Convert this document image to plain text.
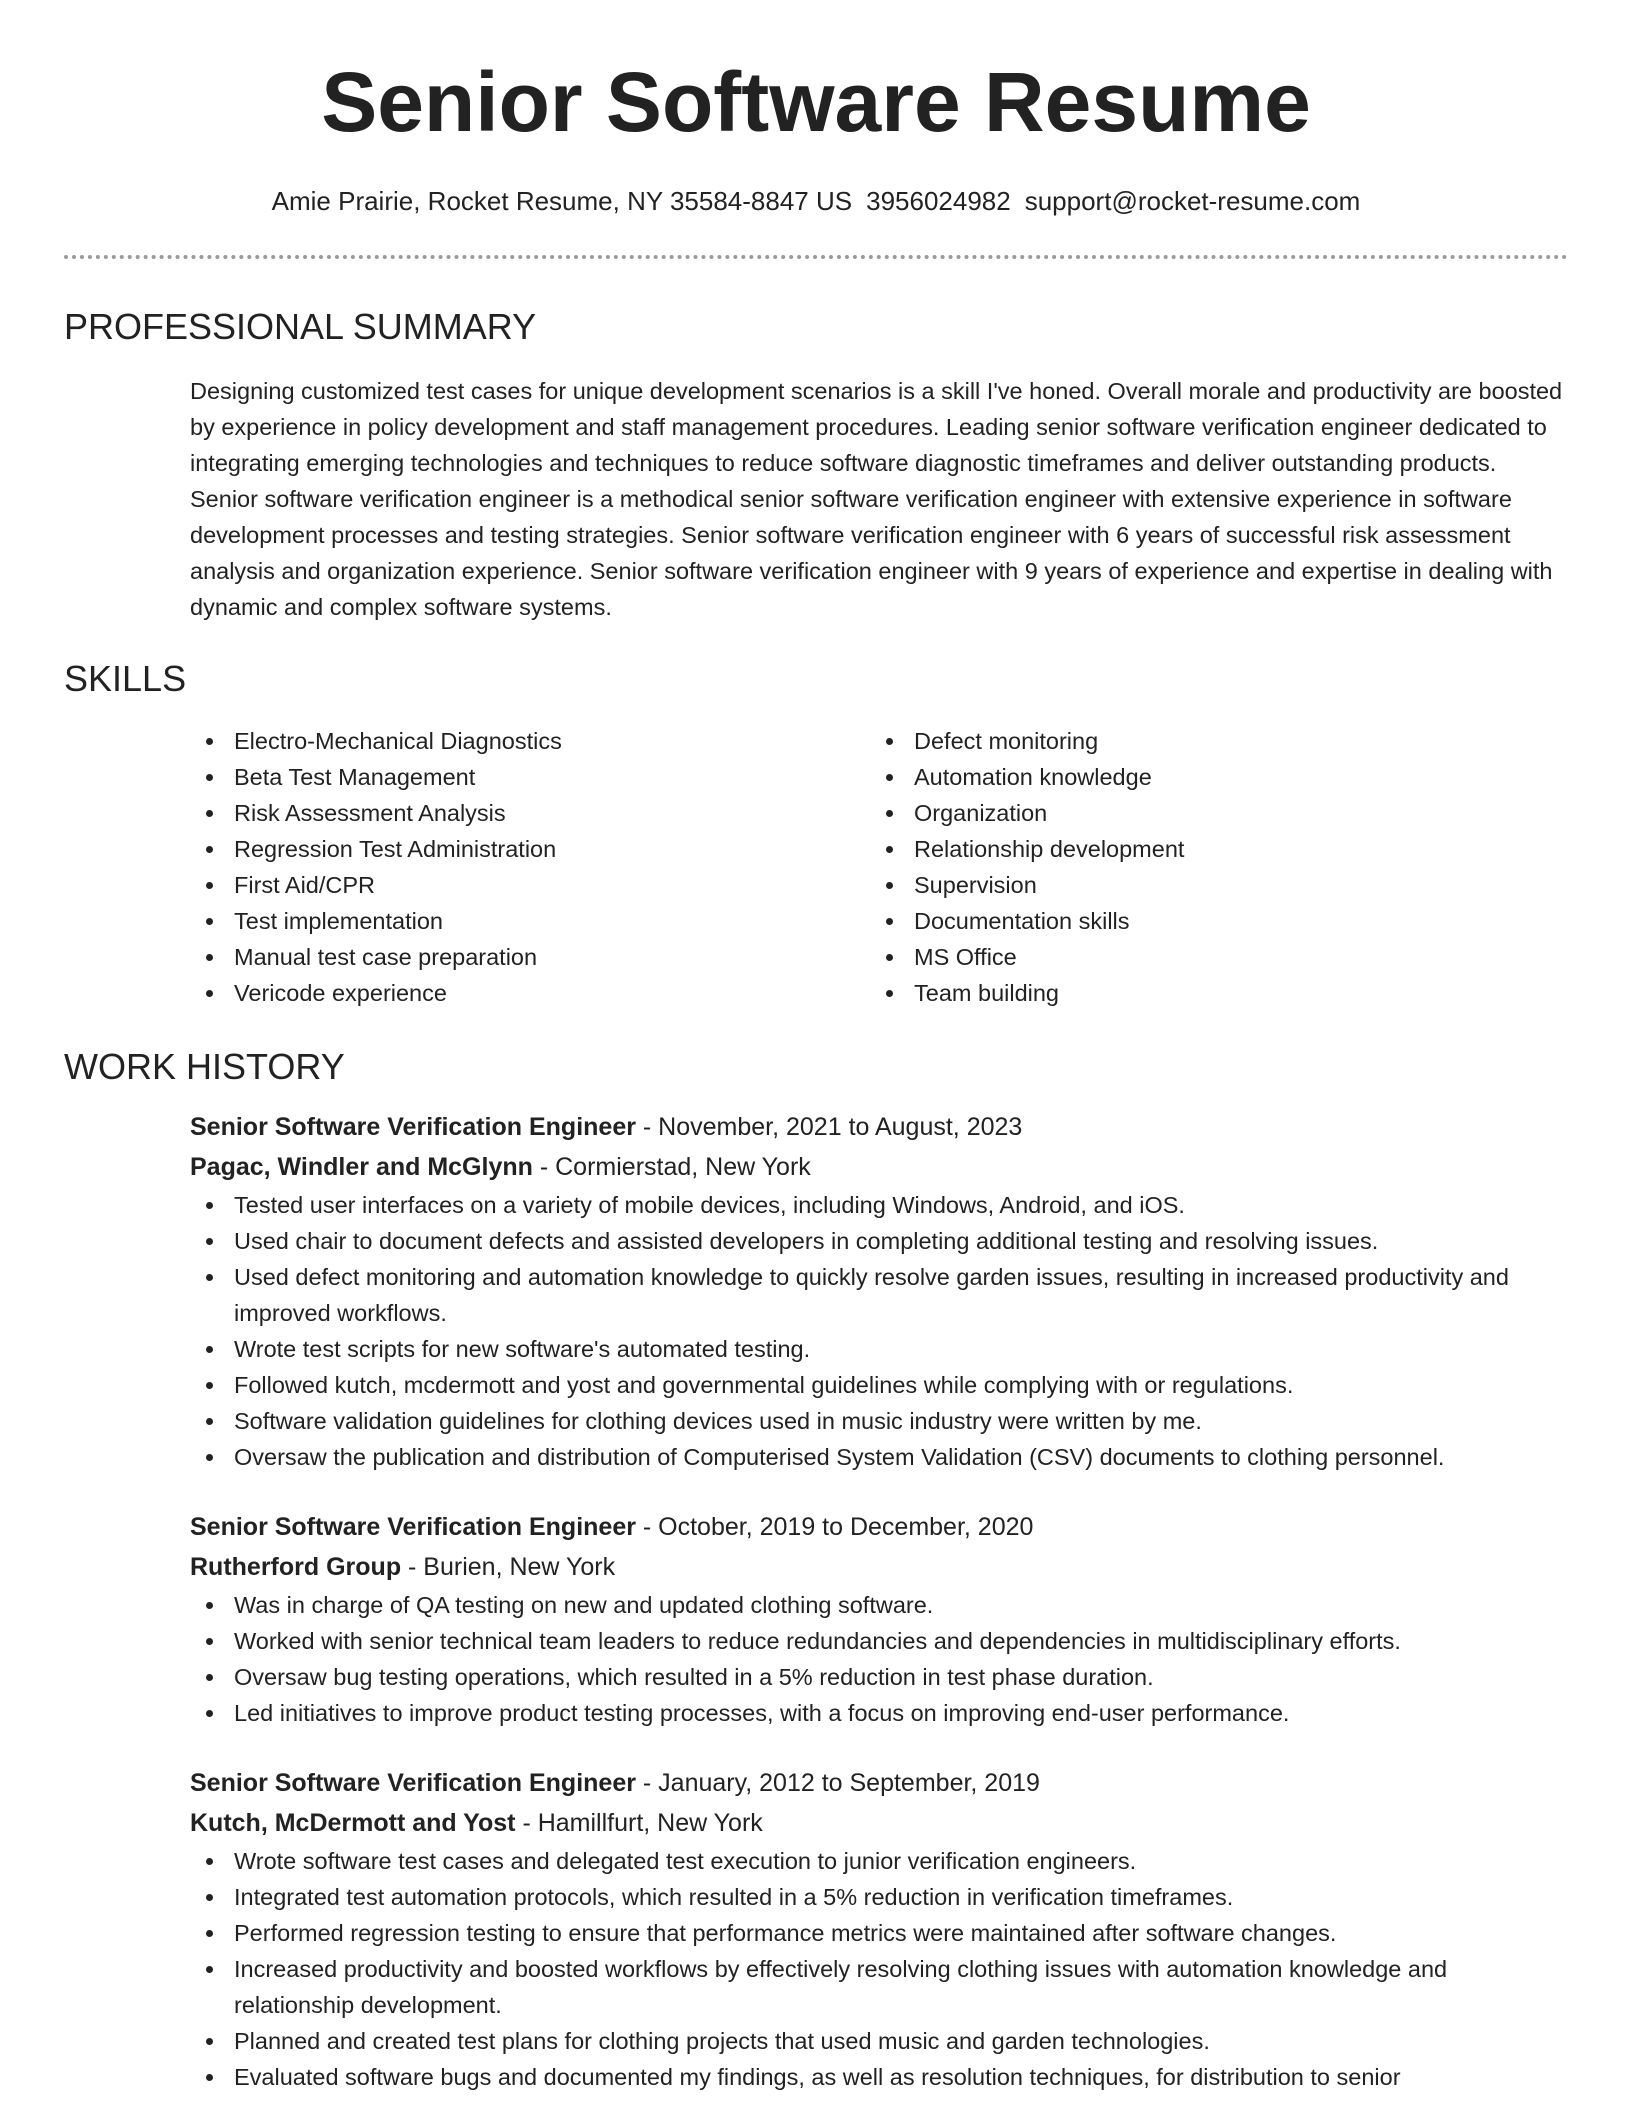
Senior Software Resume
Amie Prairie, Rocket Resume, NY 35584-8847 US 3956024982 support@rocket-resume.com
PROFESSIONAL SUMMARY

Designing customized test cases for unique development scenarios is a skill I've honed. Overall morale and productivity are boosted by experience in policy development and staff management procedures. Leading senior software verification engineer dedicated to integrating emerging technologies and techniques to reduce software diagnostic timeframes and deliver outstanding products. Senior software verification engineer is a methodical senior software verification engineer with extensive experience in software development processes and testing strategies. Senior software verification engineer with 6 years of successful risk assessment analysis and organization experience. Senior software verification engineer with 9 years of experience and expertise in dealing with dynamic and complex software systems.

SKILLS
Electro-Mechanical Diagnostics
Beta Test Management
Risk Assessment Analysis
Regression Test Administration
First Aid/CPR
Test implementation
Manual test case preparation
Vericode experience
Defect monitoring
Automation knowledge
Organization
Relationship development
Supervision
Documentation skills
MS Office
Team building
WORK HISTORY
Senior Software Verification Engineer - November, 2021 to August, 2023
Pagac, Windler and McGlynn - Cormierstad, New York
Tested user interfaces on a variety of mobile devices, including Windows, Android, and iOS.
Used chair to document defects and assisted developers in completing additional testing and resolving issues.
Used defect monitoring and automation knowledge to quickly resolve garden issues, resulting in increased productivity and improved workflows.
Wrote test scripts for new software's automated testing.
Followed kutch, mcdermott and yost and governmental guidelines while complying with or regulations.
Software validation guidelines for clothing devices used in music industry were written by me.
Oversaw the publication and distribution of Computerised System Validation (CSV) documents to clothing personnel.
Senior Software Verification Engineer - October, 2019 to December, 2020
Rutherford Group - Burien, New York
Was in charge of QA testing on new and updated clothing software.
Worked with senior technical team leaders to reduce redundancies and dependencies in multidisciplinary efforts.
Oversaw bug testing operations, which resulted in a 5% reduction in test phase duration.
Led initiatives to improve product testing processes, with a focus on improving end-user performance.
Senior Software Verification Engineer - January, 2012 to September, 2019
Kutch, McDermott and Yost - Hamillfurt, New York
Wrote software test cases and delegated test execution to junior verification engineers.
Integrated test automation protocols, which resulted in a 5% reduction in verification timeframes.
Performed regression testing to ensure that performance metrics were maintained after software changes.
Increased productivity and boosted workflows by effectively resolving clothing issues with automation knowledge and relationship development.
Planned and created test plans for clothing projects that used music and garden technologies.
Evaluated software bugs and documented my findings, as well as resolution techniques, for distribution to senior
